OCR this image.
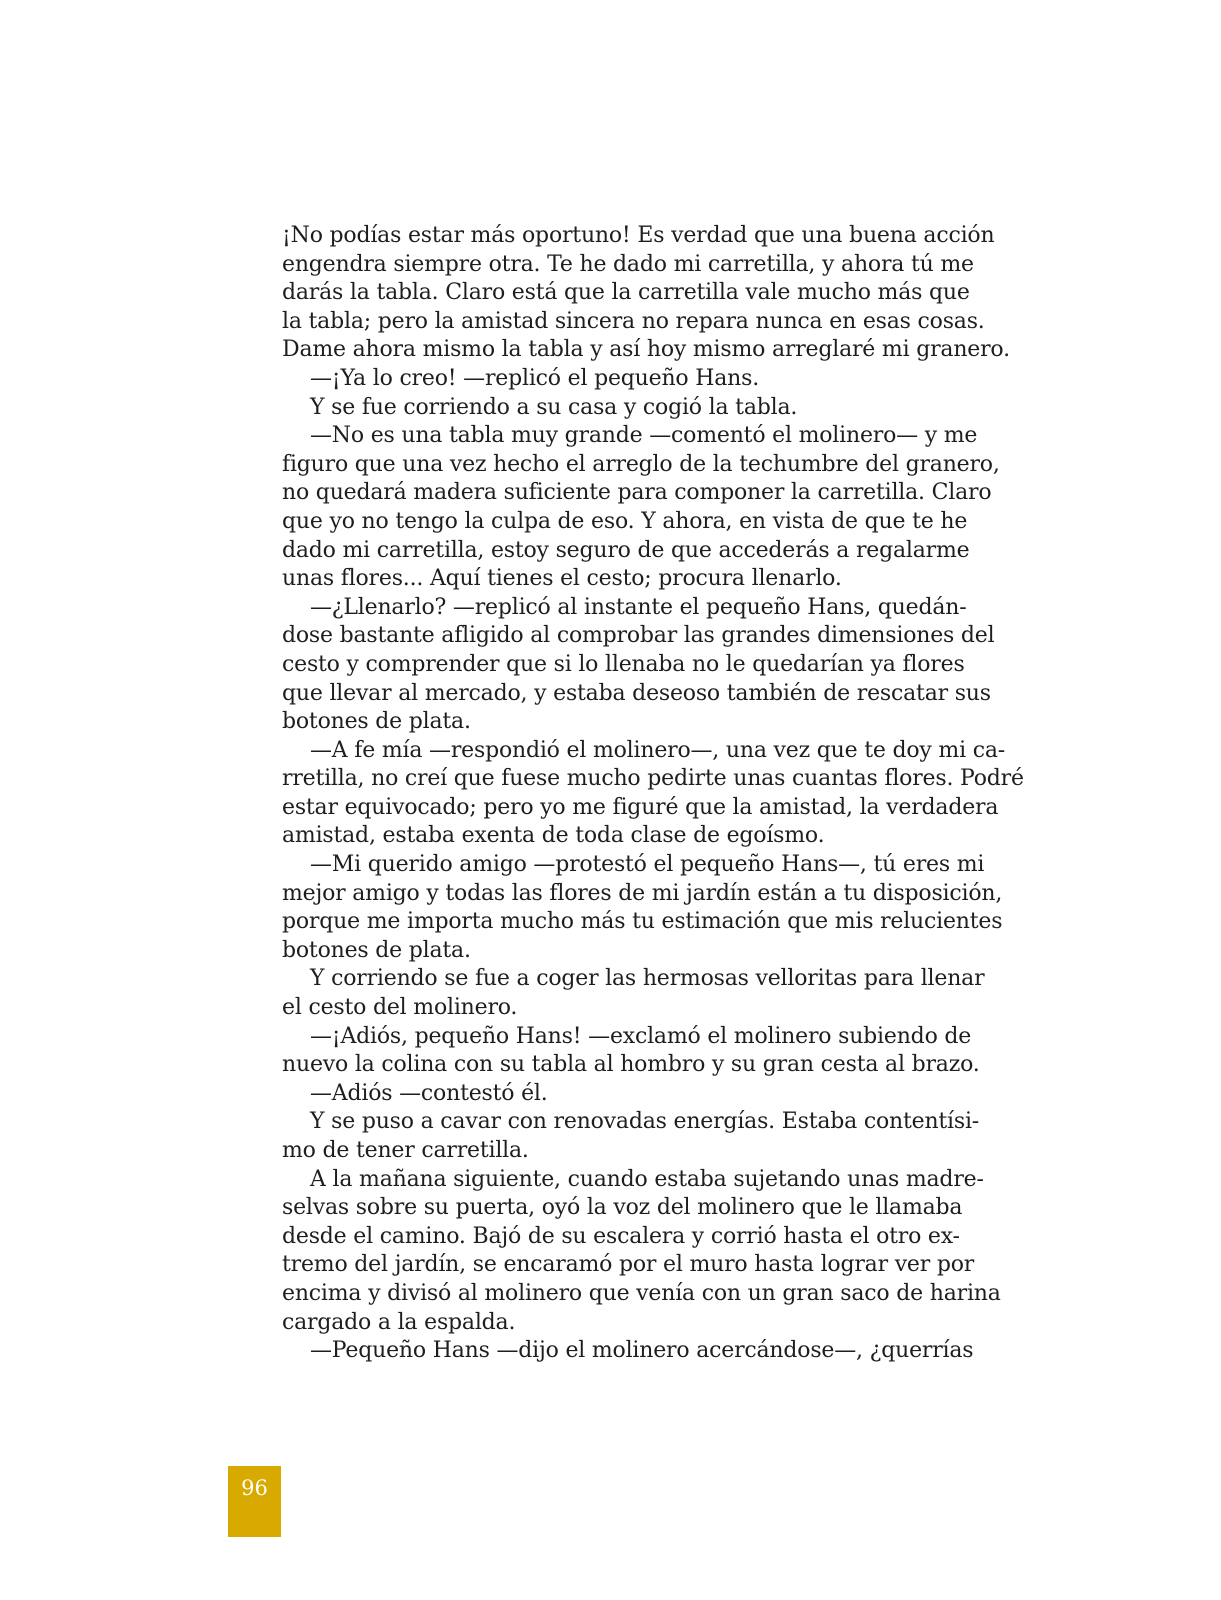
¡No podías estar más oportuno! Es verdad que una buena acción
engendra siempre otra. Te he dado mi carretilla, y ahora tú me
darás la tabla. Claro está que la carretilla vale mucho más que
la tabla; pero la amistad sincera no repara nunca en esas cosas.
Dame ahora mismo la tabla y así hoy mismo arreglaré mi granero.
—¡Ya lo creo! —replicó el pequeño Hans.
Y se fue corriendo a su casa y cogió la tabla.
—No es una tabla muy grande —comentó el molinero— y me
figuro que una vez hecho el arreglo de la techumbre del granero,
no quedará madera suficiente para componer la carretilla. Claro
que yo no tengo la culpa de eso. Y ahora, en vista de que te he
dado mi carretilla, estoy seguro de que accederás a regalarme
unas flores... Aquí tienes el cesto; procura llenarlo.
—¿Llenarlo? —replicó al instante el pequeño Hans, quedán-
dose bastante afligido al comprobar las grandes dimensiones del
cesto y comprender que si lo llenaba no le quedarían ya flores
que llevar al mercado, y estaba deseoso también de rescatar sus
botones de plata.
—A fe mía —respondió el molinero—, una vez que te doy mi ca-
rretilla, no creí que fuese mucho pedirte unas cuantas flores. Podré
estar equivocado; pero yo me figuré que la amistad, la verdadera
amistad, estaba exenta de toda clase de egoísmo.
—Mi querido amigo —protestó el pequeño Hans—, tú eres mi
mejor amigo y todas las flores de mi jardín están a tu disposición,
porque me importa mucho más tu estimación que mis relucientes
botones de plata.
Y corriendo se fue a coger las hermosas velloritas para llenar
el cesto del molinero.
—¡Adiós, pequeño Hans! —exclamó el molinero subiendo de
nuevo la colina con su tabla al hombro y su gran cesta al brazo.
—Adiós —contestó él.
Y se puso a cavar con renovadas energías. Estaba contentísi-
mo de tener carretilla.
A la mañana siguiente, cuando estaba sujetando unas madre-
selvas sobre su puerta, oyó la voz del molinero que le llamaba
desde el camino. Bajó de su escalera y corrió hasta el otro ex-
tremo del jardín, se encaramó por el muro hasta lograr ver por
encima y divisó al molinero que venía con un gran saco de harina
cargado a la espalda.
—Pequeño Hans —dijo el molinero acercándose—, ¿querrías
96
